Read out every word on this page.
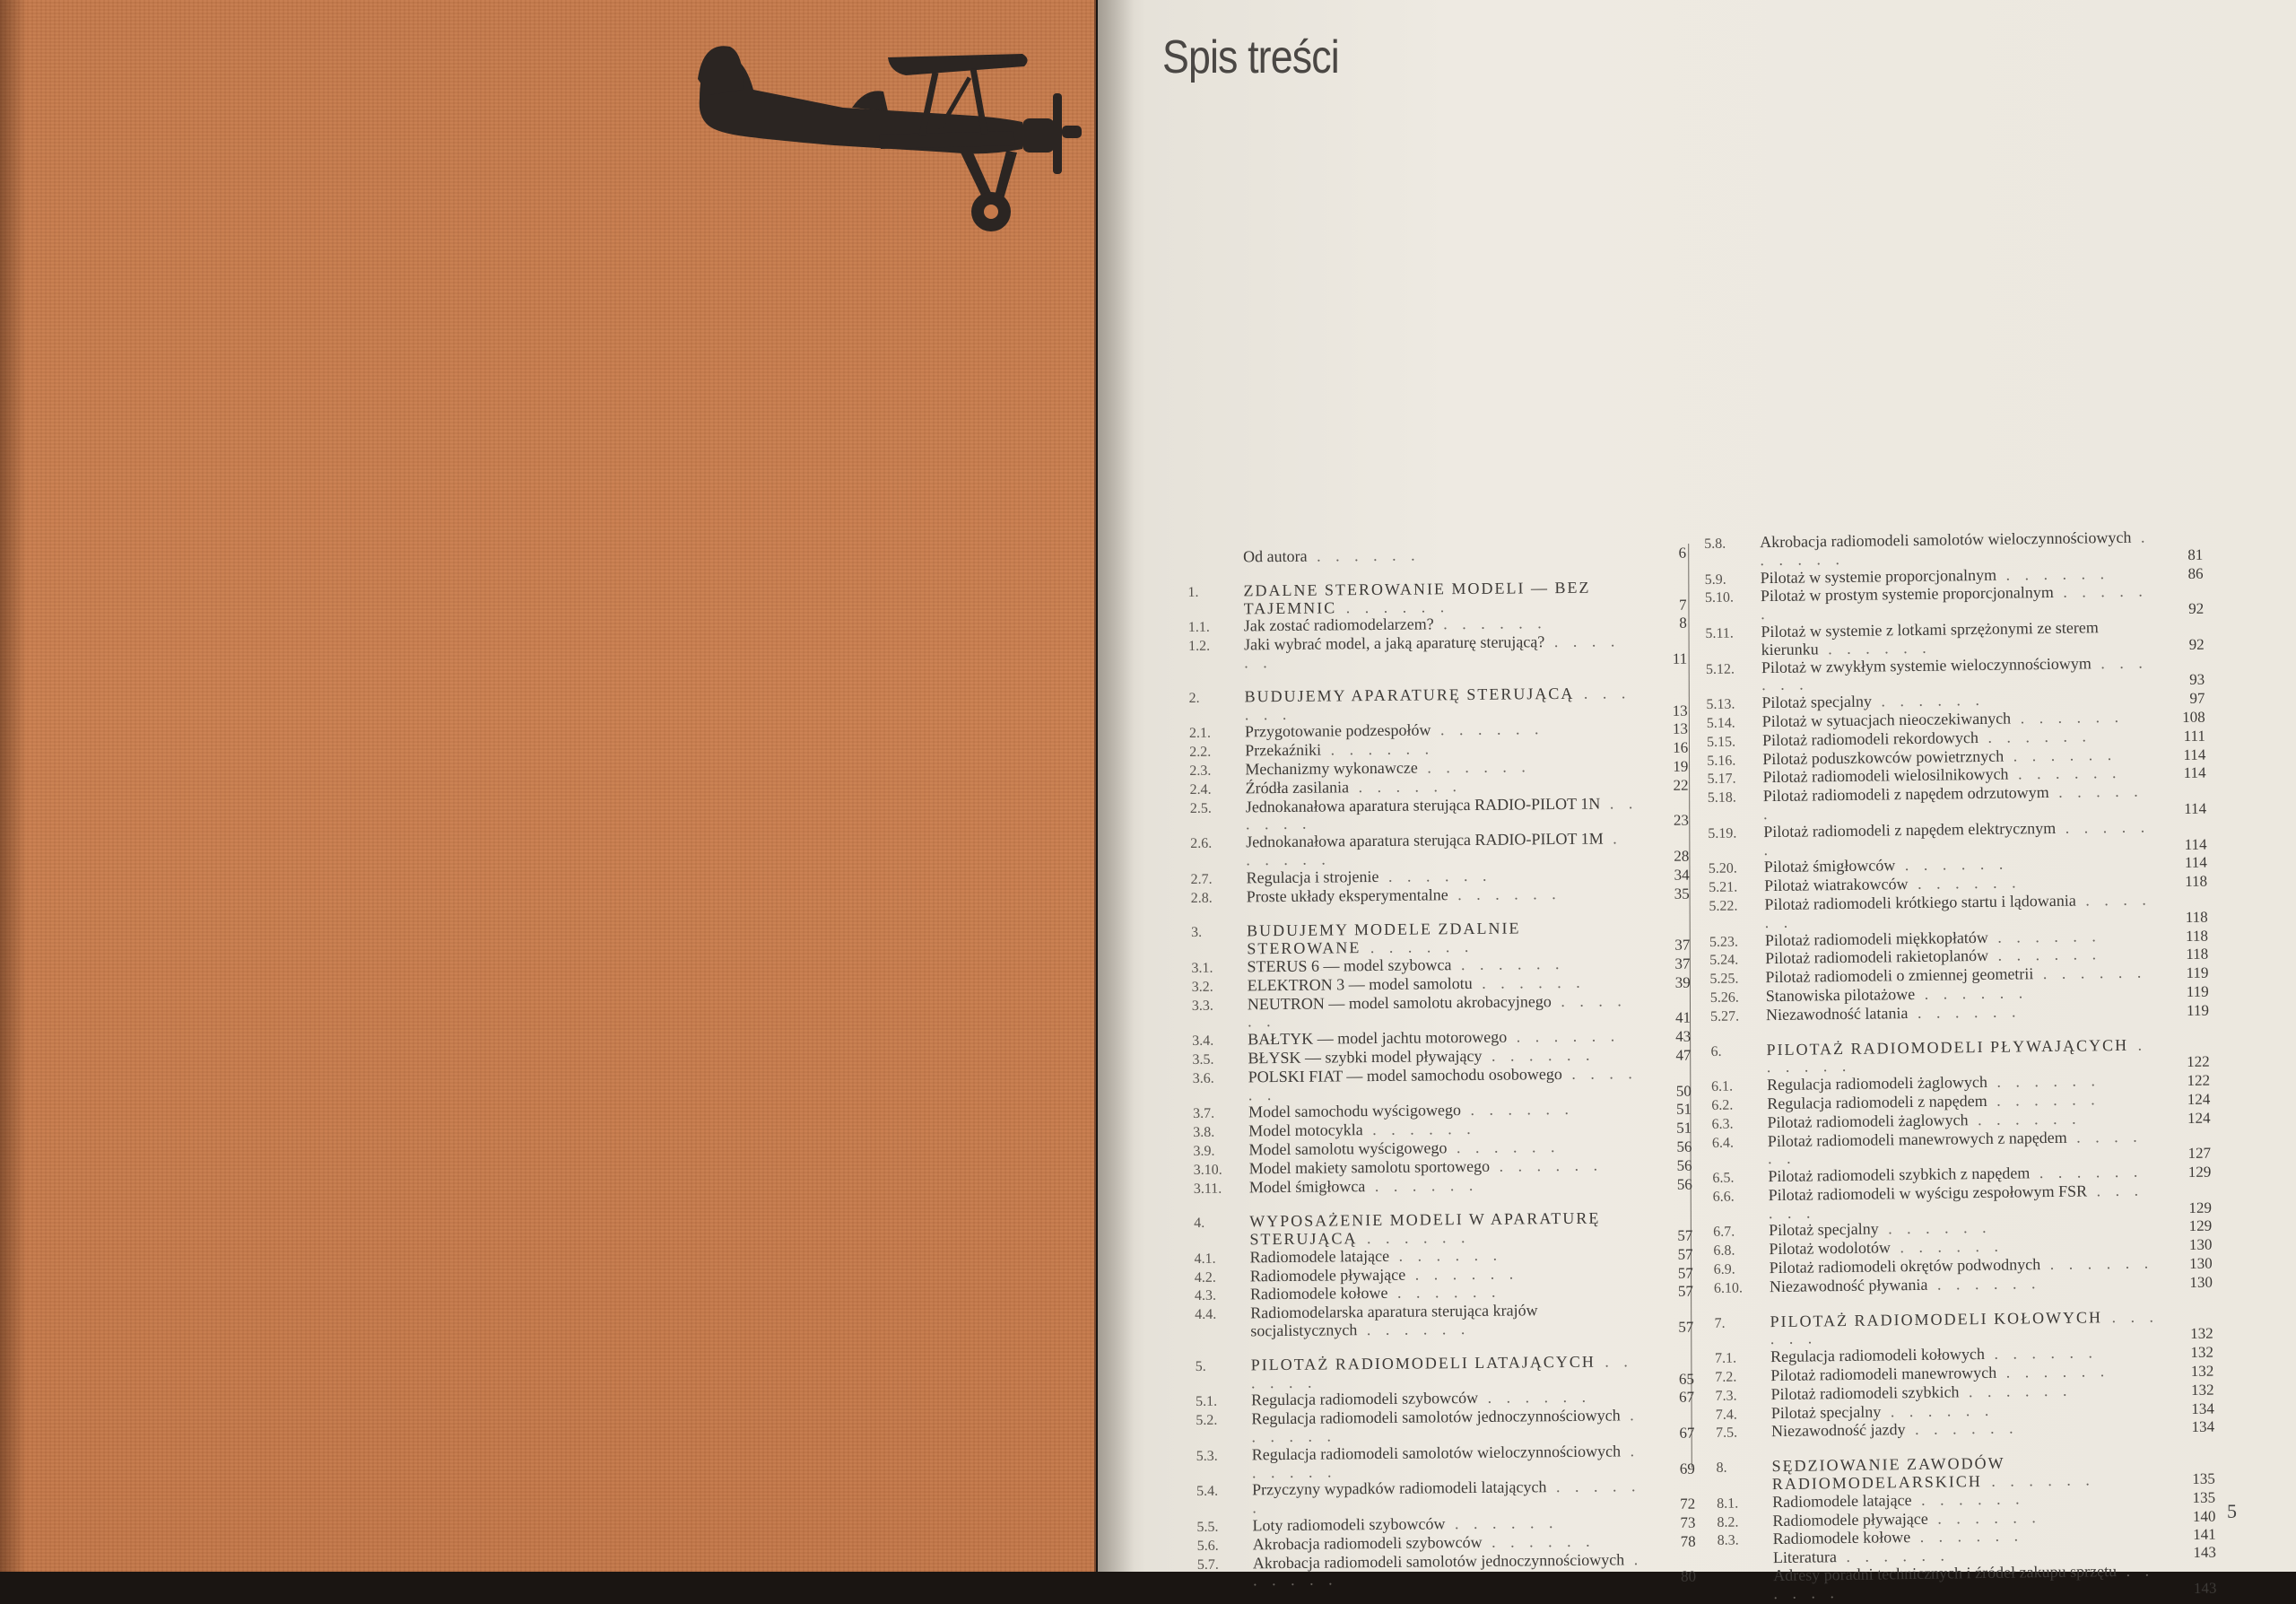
Spis treści
Od autora . . . . . .	6
1.	ZDALNE STEROWANIE MODELI — BEZ TAJEMNIC . . . . . .	7
1.1.	Jak zostać radiomodelarzem? . . . . . .	8
1.2.	Jaki wybrać model, a jaką aparaturę sterującą? . . . . . .	11
2.	BUDUJEMY APARATURĘ STERUJĄCĄ . . . . . .	13
2.1.	Przygotowanie podzespołów . . . . . .	13
2.2.	Przekaźniki . . . . . .	16
2.3.	Mechanizmy wykonawcze . . . . . .	19
2.4.	Źródła zasilania . . . . . .	22
2.5.	Jednokanałowa aparatura sterująca RADIO-PILOT 1N . . . . . .	23
2.6.	Jednokanałowa aparatura sterująca RADIO-PILOT 1M . . . . . .	28
2.7.	Regulacja i strojenie . . . . . .	34
2.8.	Proste układy eksperymentalne . . . . . .	35
3.	BUDUJEMY MODELE ZDALNIE STEROWANE . . . . . .	37
3.1.	STERUS 6 — model szybowca . . . . . .	37
3.2.	ELEKTRON 3 — model samolotu . . . . . .	39
3.3.	NEUTRON — model samolotu akrobacyjnego . . . . . .	41
3.4.	BAŁTYK — model jachtu motorowego . . . . . .	43
3.5.	BŁYSK — szybki model pływający . . . . . .	47
3.6.	POLSKI FIAT — model samochodu osobowego . . . . . .	50
3.7.	Model samochodu wyścigowego . . . . . .	51
3.8.	Model motocykla . . . . . .	51
3.9.	Model samolotu wyścigowego . . . . . .	56
3.10.	Model makiety samolotu sportowego . . . . . .	56
3.11.	Model śmigłowca . . . . . .	56
4.	WYPOSAŻENIE MODELI W APARATURĘ STERUJĄCĄ . . . . . .	57
4.1.	Radiomodele latające . . . . . .	57
4.2.	Radiomodele pływające . . . . . .	57
4.3.	Radiomodele kołowe . . . . . .	57
4.4.	Radiomodelarska aparatura sterująca krajów socjalistycznych . . . . . .	57
5.	PILOTAŻ RADIOMODELI LATAJĄCYCH . . . . . .	65
5.1.	Regulacja radiomodeli szybowców . . . . . .	67
5.2.	Regulacja radiomodeli samolotów jednoczynnościowych . . . . . .	67
5.3.	Regulacja radiomodeli samolotów wieloczynnościowych . . . . . .	69
5.4.	Przyczyny wypadków radiomodeli latających . . . . . .	72
5.5.	Loty radiomodeli szybowców . . . . . .	73
5.6.	Akrobacja radiomodeli szybowców . . . . . .	78
5.7.	Akrobacja radiomodeli samolotów jednoczynnościowych . . . . . .	80
5.8.	Akrobacja radiomodeli samolotów wieloczynnościowych . . . . . .	81
5.9.	Pilotaż w systemie proporcjonalnym . . . . . .	86
5.10.	Pilotaż w prostym systemie proporcjonalnym . . . . . .	92
5.11.	Pilotaż w systemie z lotkami sprzężonymi ze sterem kierunku . . . . . .	92
5.12.	Pilotaż w zwykłym systemie wieloczynnościowym . . . . . .	93
5.13.	Pilotaż specjalny . . . . . .	97
5.14.	Pilotaż w sytuacjach nieoczekiwanych . . . . . .	108
5.15.	Pilotaż radiomodeli rekordowych . . . . . .	111
5.16.	Pilotaż poduszkowców powietrznych . . . . . .	114
5.17.	Pilotaż radiomodeli wielosilnikowych . . . . . .	114
5.18.	Pilotaż radiomodeli z napędem odrzutowym . . . . . .	114
5.19.	Pilotaż radiomodeli z napędem elektrycznym . . . . . .	114
5.20.	Pilotaż śmigłowców . . . . . .	114
5.21.	Pilotaż wiatrakowców . . . . . .	118
5.22.	Pilotaż radiomodeli krótkiego startu i lądowania . . . . . .	118
5.23.	Pilotaż radiomodeli miękkopłatów . . . . . .	118
5.24.	Pilotaż radiomodeli rakietoplanów . . . . . .	118
5.25.	Pilotaż radiomodeli o zmiennej geometrii . . . . . .	119
5.26.	Stanowiska pilotażowe . . . . . .	119
5.27.	Niezawodność latania . . . . . .	119
6.	PILOTAŻ RADIOMODELI PŁYWAJĄCYCH . . . . . .	122
6.1.	Regulacja radiomodeli żaglowych . . . . . .	122
6.2.	Regulacja radiomodeli z napędem . . . . . .	124
6.3.	Pilotaż radiomodeli żaglowych . . . . . .	124
6.4.	Pilotaż radiomodeli manewrowych z napędem . . . . . .	127
6.5.	Pilotaż radiomodeli szybkich z napędem . . . . . .	129
6.6.	Pilotaż radiomodeli w wyścigu zespołowym FSR . . . . . .	129
6.7.	Pilotaż specjalny . . . . . .	129
6.8.	Pilotaż wodolotów . . . . . .	130
6.9.	Pilotaż radiomodeli okrętów podwodnych . . . . . .	130
6.10.	Niezawodność pływania . . . . . .	130
7.	PILOTAŻ RADIOMODELI KOŁOWYCH . . . . . .	132
7.1.	Regulacja radiomodeli kołowych . . . . . .	132
7.2.	Pilotaż radiomodeli manewrowych . . . . . .	132
7.3.	Pilotaż radiomodeli szybkich . . . . . .	132
7.4.	Pilotaż specjalny . . . . . .	134
7.5.	Niezawodność jazdy . . . . . .	134
8.	SĘDZIOWANIE ZAWODÓW RADIOMODELARSKICH . . . . . .	135
8.1.	Radiomodele latające . . . . . .	135
8.2.	Radiomodele pływające . . . . . .	140
8.3.	Radiomodele kołowe . . . . . .	141
Literatura . . . . . .	143
Adresy poradni technicznych i źródeł zakupu sprzętu . . . . . .	143
5
